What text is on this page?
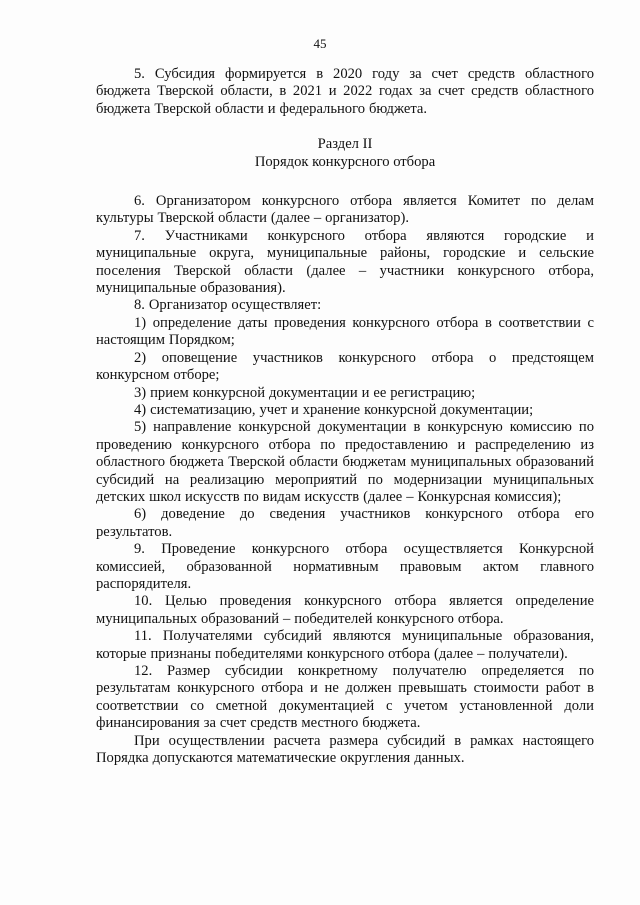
45

5. Субсидия формируется в 2020 году за счет средств областного бюджета Тверской области, в 2021 и 2022 годах за счет средств областного бюджета Тверской области и федерального бюджета.

Раздел II
Порядок конкурсного отбора

6. Организатором конкурсного отбора является Комитет по делам культуры Тверской области (далее – организатор).

7. Участниками конкурсного отбора являются городские и муниципальные округа, муниципальные районы, городские и сельские поселения Тверской области (далее – участники конкурсного отбора, муниципальные образования).

8. Организатор осуществляет:

1) определение даты проведения конкурсного отбора в соответствии с настоящим Порядком;

2) оповещение участников конкурсного отбора о предстоящем конкурсном отборе;

3) прием конкурсной документации и ее регистрацию;

4) систематизацию, учет и хранение конкурсной документации;

5) направление конкурсной документации в конкурсную комиссию по проведению конкурсного отбора по предоставлению и распределению из областного бюджета Тверской области бюджетам муниципальных образований субсидий на реализацию мероприятий по модернизации муниципальных детских школ искусств по видам искусств (далее – Конкурсная комиссия);

6) доведение до сведения участников конкурсного отбора его результатов.

9. Проведение конкурсного отбора осуществляется Конкурсной комиссией, образованной нормативным правовым актом главного распорядителя.

10. Целью проведения конкурсного отбора является определение муниципальных образований – победителей конкурсного отбора.

11. Получателями субсидий являются муниципальные образования, которые признаны победителями конкурсного отбора (далее – получатели).

12. Размер субсидии конкретному получателю определяется по результатам конкурсного отбора и не должен превышать стоимости работ в соответствии со сметной документацией с учетом установленной доли финансирования за счет средств местного бюджета.

При осуществлении расчета размера субсидий в рамках настоящего Порядка допускаются математические округления данных.
